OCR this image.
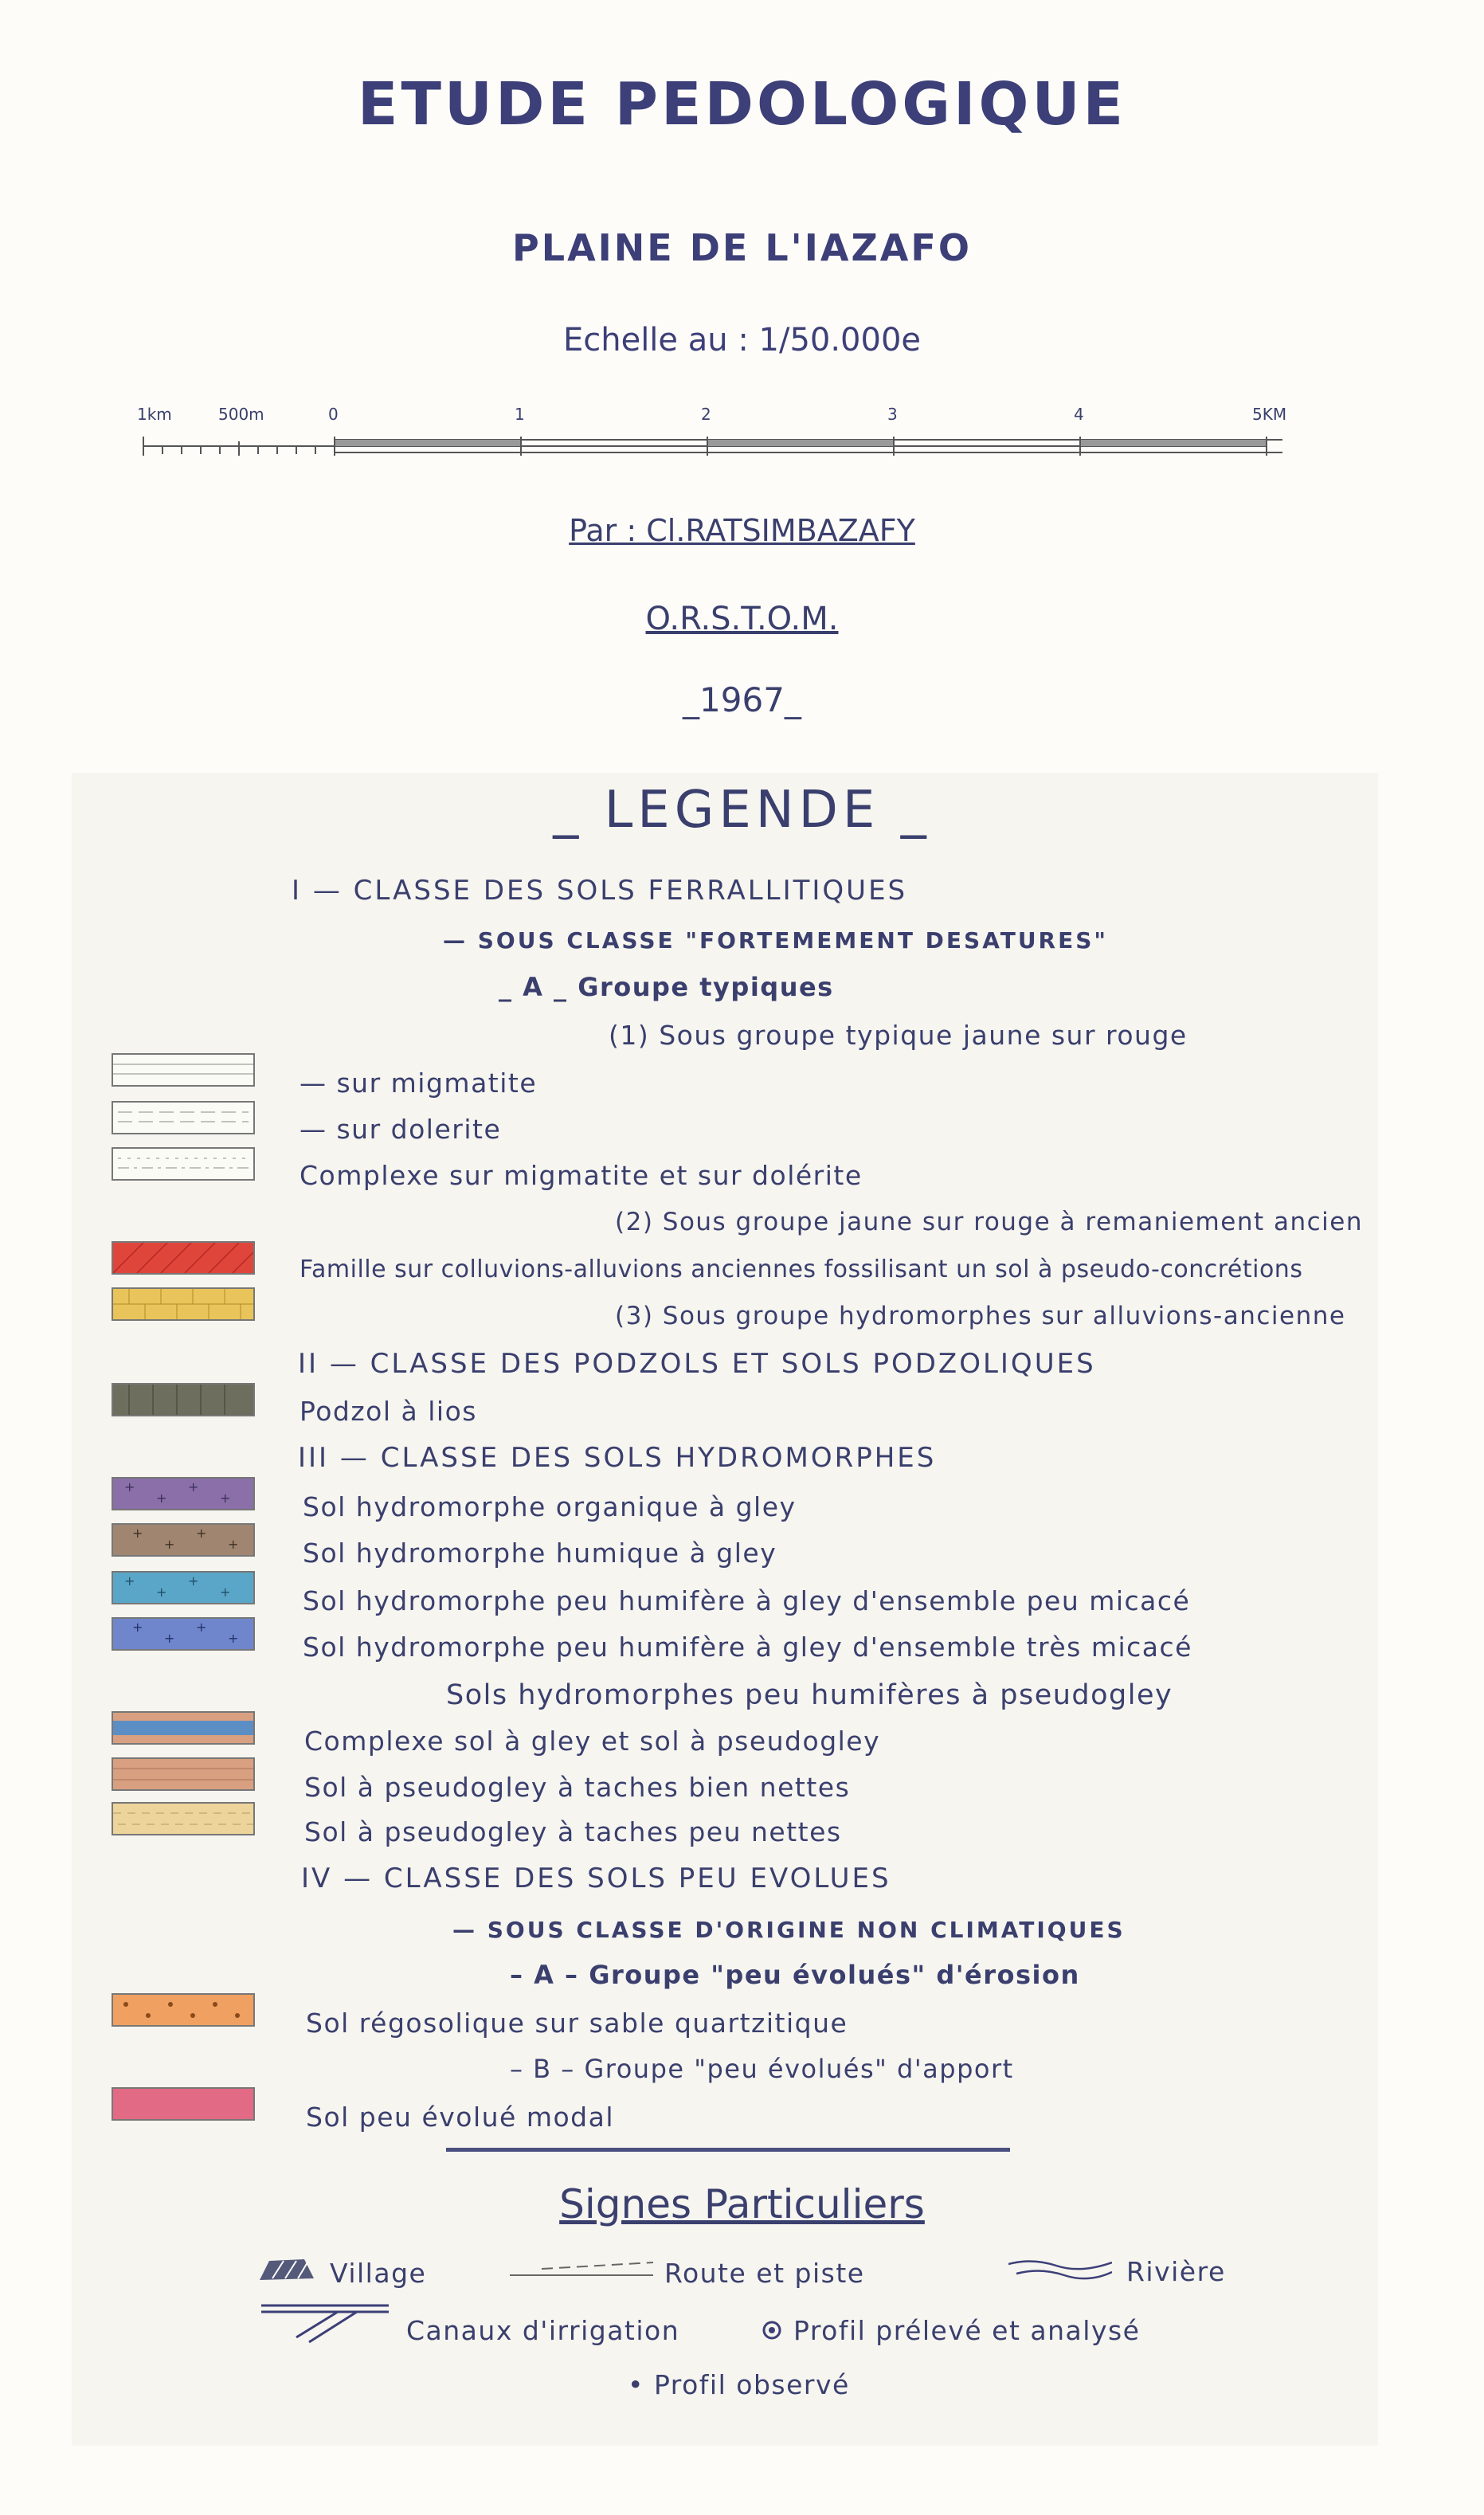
ETUDE PEDOLOGIQUE
PLAINE DE L'IAZAFO
Echelle au : 1/50.000e
1km	500m	0	1	2	3	4	5KM
Par : Cl.RATSIMBAZAFY
O.R.S.T.O.M.
_1967_
_ LEGENDE _
I — CLASSE DES SOLS FERRALLITIQUES
— SOUS CLASSE "FORTEMEMENT DESATURES"
_ A _ Groupe typiques
(1) Sous groupe typique jaune sur rouge
— sur migmatite
— sur dolerite
Complexe sur migmatite et sur dolérite
(2) Sous groupe jaune sur rouge à remaniement ancien
Famille sur colluvions-alluvions anciennes fossilisant un sol à pseudo-concrétions
(3) Sous groupe hydromorphes sur alluvions-ancienne
II — CLASSE DES PODZOLS ET SOLS PODZOLIQUES
Podzol à lios
III — CLASSE DES SOLS HYDROMORPHES
Sol hydromorphe organique à gley
Sol hydromorphe humique à gley
Sol hydromorphe peu humifère à gley d'ensemble peu micacé
Sol hydromorphe peu humifère à gley d'ensemble très micacé
Sols hydromorphes peu humifères à pseudogley
Complexe sol à gley et sol à pseudogley
Sol à pseudogley à taches bien nettes
Sol à pseudogley à taches peu nettes
IV — CLASSE DES SOLS PEU EVOLUES
— SOUS CLASSE D'ORIGINE NON CLIMATIQUES
– A – Groupe "peu évolués" d'érosion
Sol régosolique sur sable quartzitique
– B – Groupe "peu évolués" d'apport
Sol peu évolué modal
+
+
+
+
+
+
+
+
+
+
+
+
+
+
+
+
Signes Particuliers
Village	Route et piste	Rivière
Canaux d'irrigation	Profil prélevé et analysé
• Profil observé
